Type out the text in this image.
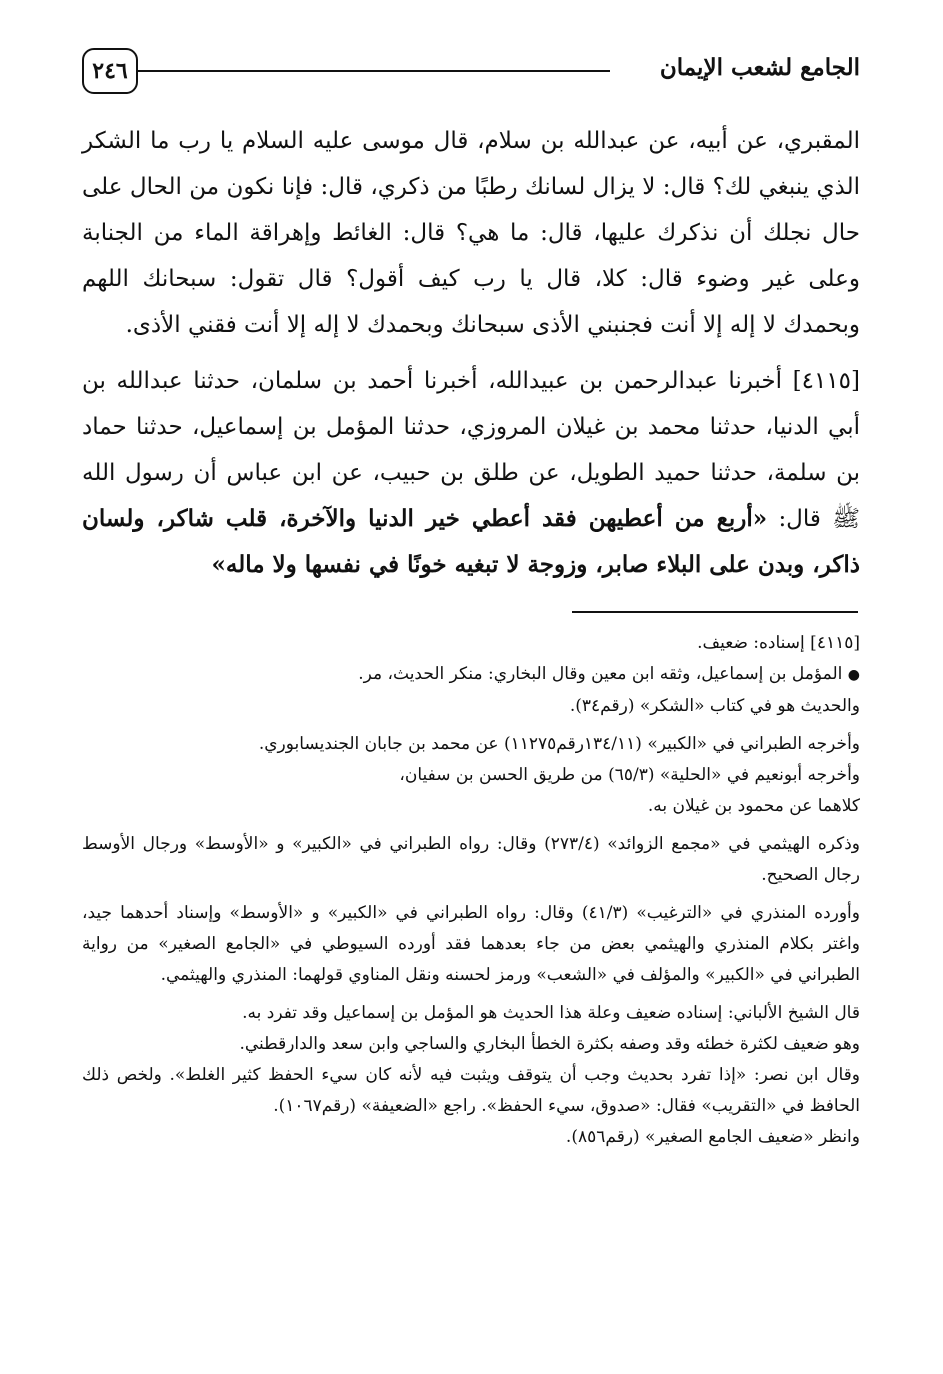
٢٤٦	الجامع لشعب الإيمان

المقبري، عن أبيه، عن عبدالله بن سلام، قال موسى عليه السلام يا رب ما الشكر الذي ينبغي لك؟ قال: لا يزال لسانك رطبًا من ذكري، قال: فإنا نكون من الحال على حال نجلك أن نذكرك عليها، قال: ما هي؟ قال: الغائط وإهراقة الماء من الجنابة وعلى غير وضوء قال: كلا، قال يا رب كيف أقول؟ قال تقول: سبحانك اللهم وبحمدك لا إله إلا أنت فجنبني الأذى سبحانك وبحمدك لا إله إلا أنت فقني الأذى.

[٤١١٥] أخبرنا عبدالرحمن بن عبيدالله، أخبرنا أحمد بن سلمان، حدثنا عبدالله بن أبي الدنيا، حدثنا محمد بن غيلان المروزي، حدثنا المؤمل بن إسماعيل، حدثنا حماد بن سلمة، حدثنا حميد الطويل، عن طلق بن حبيب، عن ابن عباس أن رسول الله ﷺ قال: «أربع من أعطيهن فقد أعطي خير الدنيا والآخرة، قلب شاكر، ولسان ذاكر، وبدن على البلاء صابر، وزوجة لا تبغيه خونًا في نفسها ولا ماله»

[٤١١٥] إسناده: ضعيف.

● المؤمل بن إسماعيل، وثقه ابن معين وقال البخاري: منكر الحديث، مر.

والحديث هو في كتاب «الشكر» (رقم٣٤).

وأخرجه الطبراني في «الكبير» (١٣٤/١١رقم١١٢٧٥) عن محمد بن جابان الجنديسابوري.

وأخرجه أبونعيم في «الحلية» (٦٥/٣) من طريق الحسن بن سفيان،

كلاهما عن محمود بن غيلان به.

وذكره الهيثمي في «مجمع الزوائد» (٢٧٣/٤) وقال: رواه الطبراني في «الكبير» و «الأوسط» ورجال الأوسط رجال الصحيح.

وأورده المنذري في «الترغيب» (٤١/٣) وقال: رواه الطبراني في «الكبير» و «الأوسط» وإسناد أحدهما جيد، واغتر بكلام المنذري والهيثمي بعض من جاء بعدهما فقد أورده السيوطي في «الجامع الصغير» من رواية الطبراني في «الكبير» والمؤلف في «الشعب» ورمز لحسنه ونقل المناوي قولهما: المنذري والهيثمي.

قال الشيخ الألباني: إسناده ضعيف وعلة هذا الحديث هو المؤمل بن إسماعيل وقد تفرد به.

وهو ضعيف لكثرة خطئه وقد وصفه بكثرة الخطأ البخاري والساجي وابن سعد والدارقطني.

وقال ابن نصر: «إذا تفرد بحديث وجب أن يتوقف ويثبت فيه لأنه كان سيء الحفظ كثير الغلط». ولخص ذلك الحافظ في «التقريب» فقال: «صدوق، سيء الحفظ». راجع «الضعيفة» (رقم١٠٦٧).

وانظر «ضعيف الجامع الصغير» (رقم٨٥٦).
